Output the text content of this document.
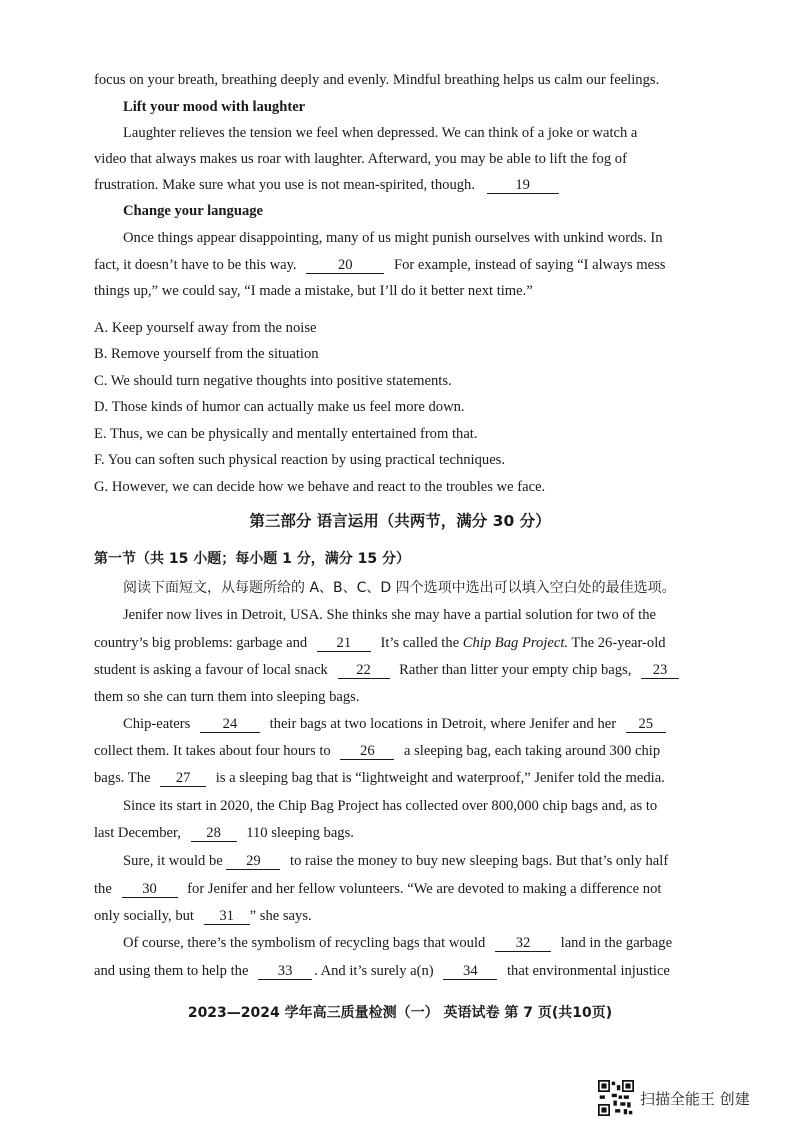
focus on your breath, breathing deeply and evenly. Mindful breathing helps us calm our feelings.
Lift your mood with laughter
Laughter relieves the tension we feel when depressed. We can think of a joke or watch a
video that always makes us roar with laughter. Afterward, you may be able to lift the fog of
frustration. Make sure what you use is not mean-spirited, though.	19
Change your language
Once things appear disappointing, many of us might punish ourselves with unkind words. In
fact, it doesn’t have to be this way.	20	For example, instead of saying “I always mess
things up,” we could say, “I made a mistake, but I’ll do it better next time.”
A. Keep yourself away from the noise
B. Remove yourself from the situation
C. We should turn negative thoughts into positive statements.
D. Those kinds of humor can actually make us feel more down.
E. Thus, we can be physically and mentally entertained from that.
F. You can soften such physical reaction by using practical techniques.
G. However, we can decide how we behave and react to the troubles we face.
第三部分 语言运用（共两节，满分 30 分）
第一节（共 15 小题；每小题 1 分，满分 15 分）
阅读下面短文，从每题所给的 A、B、C、D 四个选项中选出可以填入空白处的最佳选项。
Jenifer now lives in Detroit, USA. She thinks she may have a partial solution for two of the
country’s big problems: garbage and 21 It’s called the Chip Bag Project. The 26-year-old
student is asking a favour of local snack 22 Rather than litter your empty chip bags, 23
them so she can turn them into sleeping bags.
Chip-eaters 24 their bags at two locations in Detroit, where Jenifer and her 25
collect them. It takes about four hours to 26 a sleeping bag, each taking around 300 chip
bags. The 27 is a sleeping bag that is “lightweight and waterproof,” Jenifer told the media.
Since its start in 2020, the Chip Bag Project has collected over 800,000 chip bags and, as to
last December, 28 110 sleeping bags.
Sure, it would be 29 to raise the money to buy new sleeping bags. But that’s only half
the 30 for Jenifer and her fellow volunteers. “We are devoted to making a difference not
only socially, but 31 ” she says.
Of course, there’s the symbolism of recycling bags that would 32 land in the garbage
and using them to help the 33 . And it’s surely a(n) 34 that environmental injustice
2023—2024 学年高三质量检测（一） 英语试卷 第 7 页(共10页)
扫描全能王 创建
